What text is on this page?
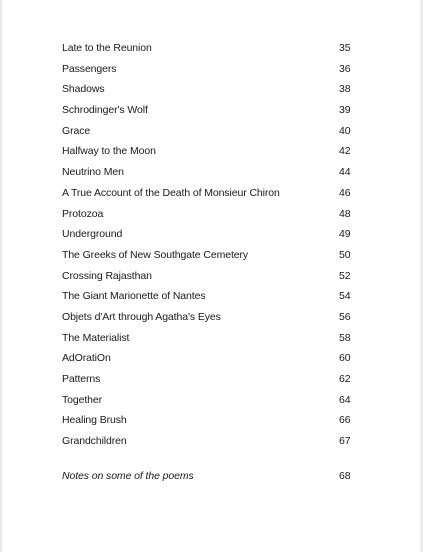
Late to the Reunion	35
Passengers	36
Shadows	38
Schrodinger's Wolf	39
Grace	40
Halfway to the Moon	42
Neutrino Men	44
A True Account of the Death of Monsieur Chiron	46
Protozoa	48
Underground	49
The Greeks of New Southgate Cemetery	50
Crossing Rajasthan	52
The Giant Marionette of Nantes	54
Objets d'Art through Agatha's Eyes	56
The Materialist	58
AdOratiOn	60
Patterns	62
Together	64
Healing Brush	66
Grandchildren	67
Notes on some of the poems	68
